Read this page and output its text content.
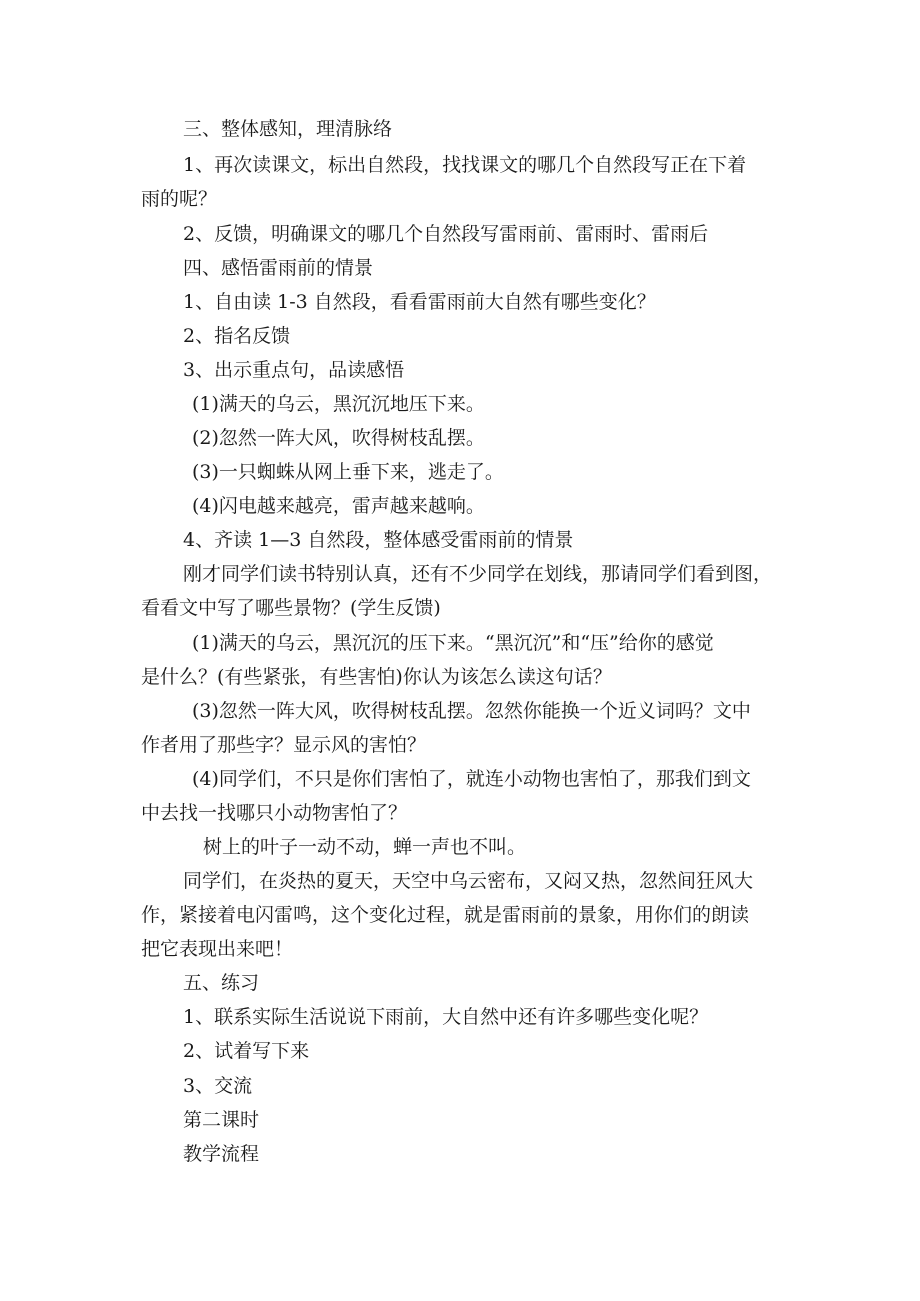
三、整体感知，理清脉络
1、再次读课文，标出自然段，找找课文的哪几个自然段写正在下着
雨的呢？
2、反馈，明确课文的哪几个自然段写雷雨前、雷雨时、雷雨后
四、感悟雷雨前的情景
1、自由读 1-3 自然段，看看雷雨前大自然有哪些变化？
2、指名反馈
3、出示重点句，品读感悟
(1)满天的乌云，黑沉沉地压下来。
(2)忽然一阵大风，吹得树枝乱摆。
(3)一只蜘蛛从网上垂下来，逃走了。
(4)闪电越来越亮，雷声越来越响。
4、齐读 1—3 自然段，整体感受雷雨前的情景
刚才同学们读书特别认真，还有不少同学在划线，那请同学们看到图，
看看文中写了哪些景物？(学生反馈)
(1)满天的乌云，黑沉沉的压下来。“黑沉沉”和“压”给你的感觉
是什么？(有些紧张，有些害怕)你认为该怎么读这句话？
(3)忽然一阵大风，吹得树枝乱摆。忽然你能换一个近义词吗？文中
作者用了那些字？显示风的害怕？
(4)同学们，不只是你们害怕了，就连小动物也害怕了，那我们到文
中去找一找哪只小动物害怕了？
树上的叶子一动不动，蝉一声也不叫。
同学们，在炎热的夏天，天空中乌云密布，又闷又热，忽然间狂风大
作，紧接着电闪雷鸣，这个变化过程，就是雷雨前的景象，用你们的朗读
把它表现出来吧！
五、练习
1、联系实际生活说说下雨前，大自然中还有许多哪些变化呢？
2、试着写下来
3、交流
第二课时
教学流程
